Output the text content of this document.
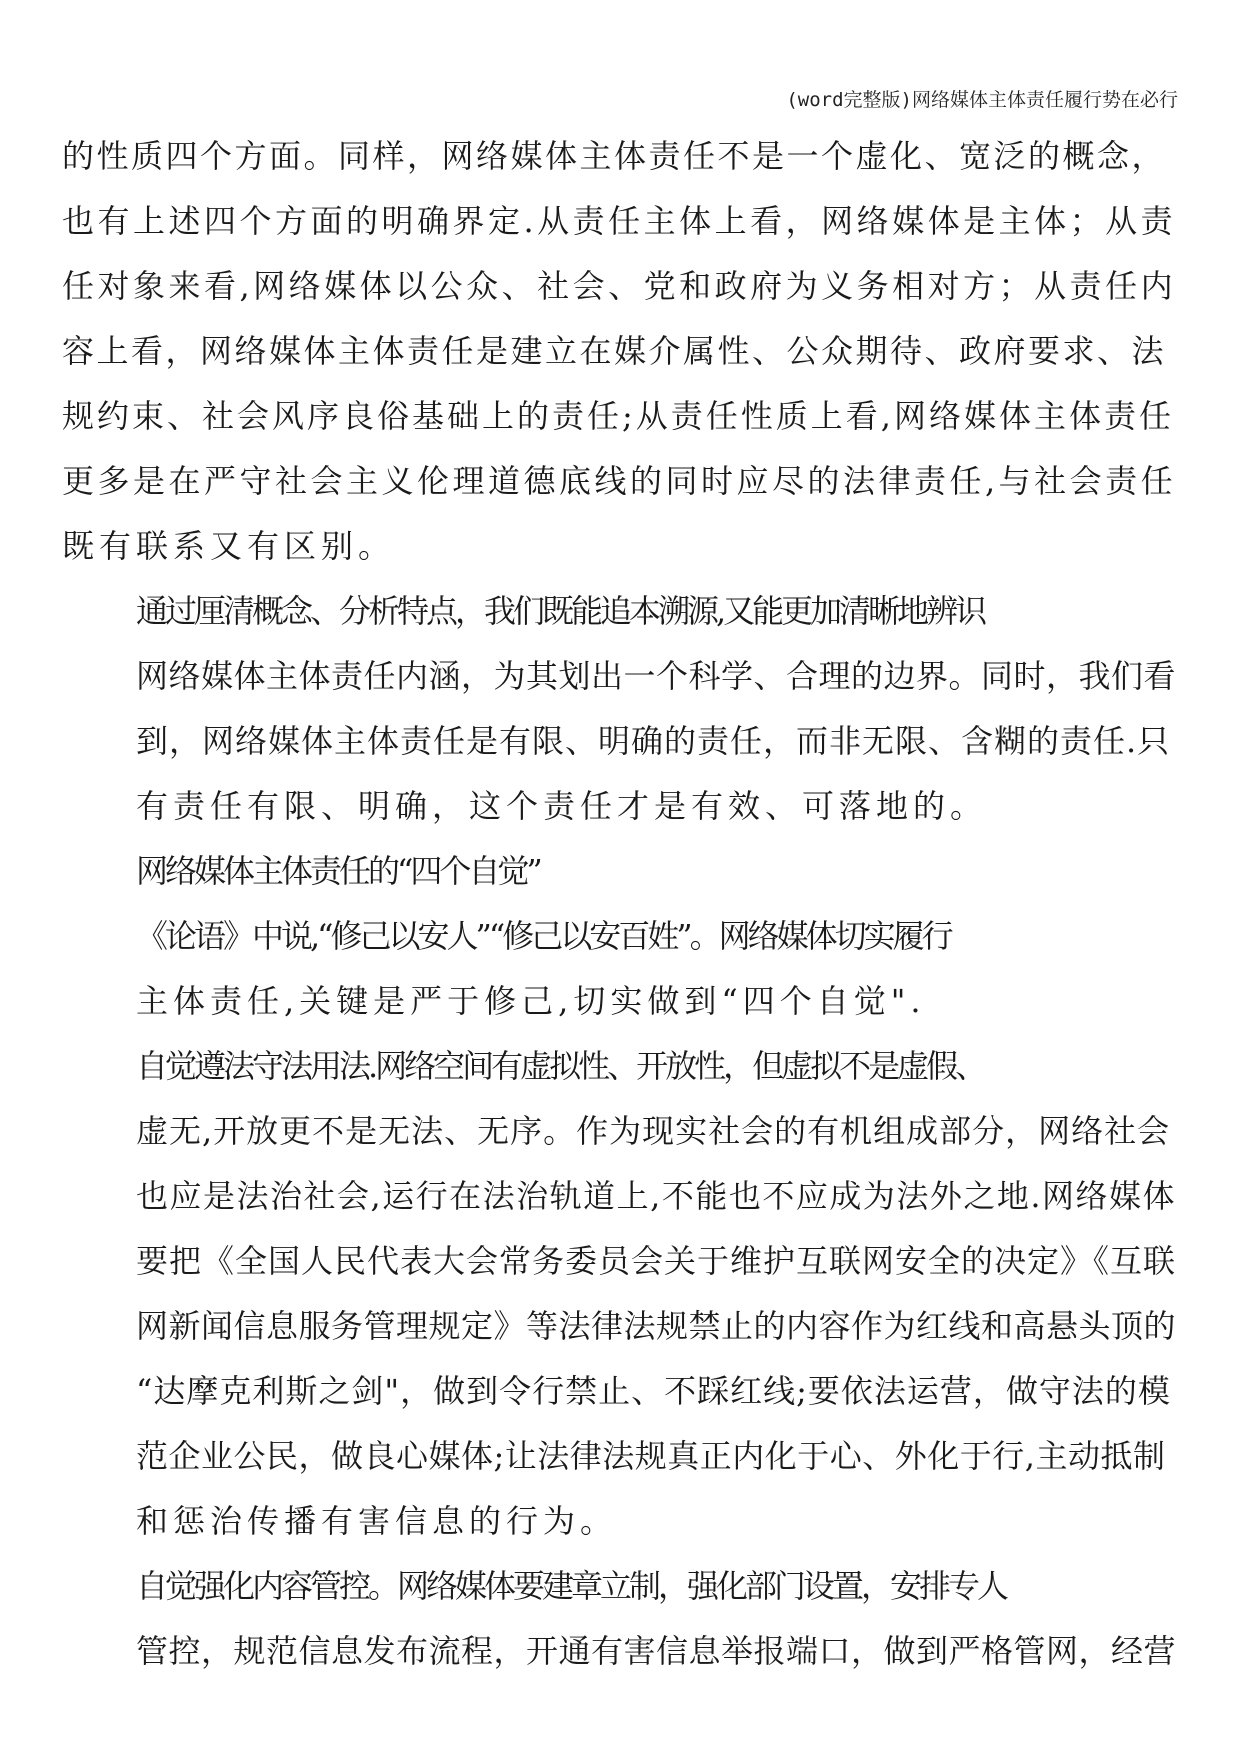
(word完整版)网络媒体主体责任履行势在必行

的性质四个方面。同样，网络媒体主体责任不是一个虚化、宽泛的概念，
也有上述四个方面的明确界定.从责任主体上看，网络媒体是主体；从责
任对象来看,网络媒体以公众、社会、党和政府为义务相对方；从责任内
容上看，网络媒体主体责任是建立在媒介属性、公众期待、政府要求、法
规约束、社会风序良俗基础上的责任;从责任性质上看,网络媒体主体责任
更多是在严守社会主义伦理道德底线的同时应尽的法律责任,与社会责任
既有联系又有区别。

通过厘清概念、分析特点，我们既能追本溯源,又能更加清晰地辨识
网络媒体主体责任内涵，为其划出一个科学、合理的边界。同时，我们看
到，网络媒体主体责任是有限、明确的责任，而非无限、含糊的责任.只
有责任有限、明确，这个责任才是有效、可落地的。

网络媒体主体责任的“四个自觉”

《论语》中说,“修己以安人”“修己以安百姓”。网络媒体切实履行
主体责任,关键是严于修己,切实做到“四个自觉".

自觉遵法守法用法.网络空间有虚拟性、开放性，但虚拟不是虚假、
虚无,开放更不是无法、无序。作为现实社会的有机组成部分，网络社会
也应是法治社会,运行在法治轨道上,不能也不应成为法外之地.网络媒体
要把《全国人民代表大会常务委员会关于维护互联网安全的决定》《互联
网新闻信息服务管理规定》等法律法规禁止的内容作为红线和高悬头顶的
“达摩克利斯之剑"，做到令行禁止、不踩红线;要依法运营，做守法的模
范企业公民，做良心媒体;让法律法规真正内化于心、外化于行,主动抵制
和惩治传播有害信息的行为。

自觉强化内容管控。网络媒体要建章立制，强化部门设置，安排专人
管控，规范信息发布流程，开通有害信息举报端口，做到严格管网，经营
